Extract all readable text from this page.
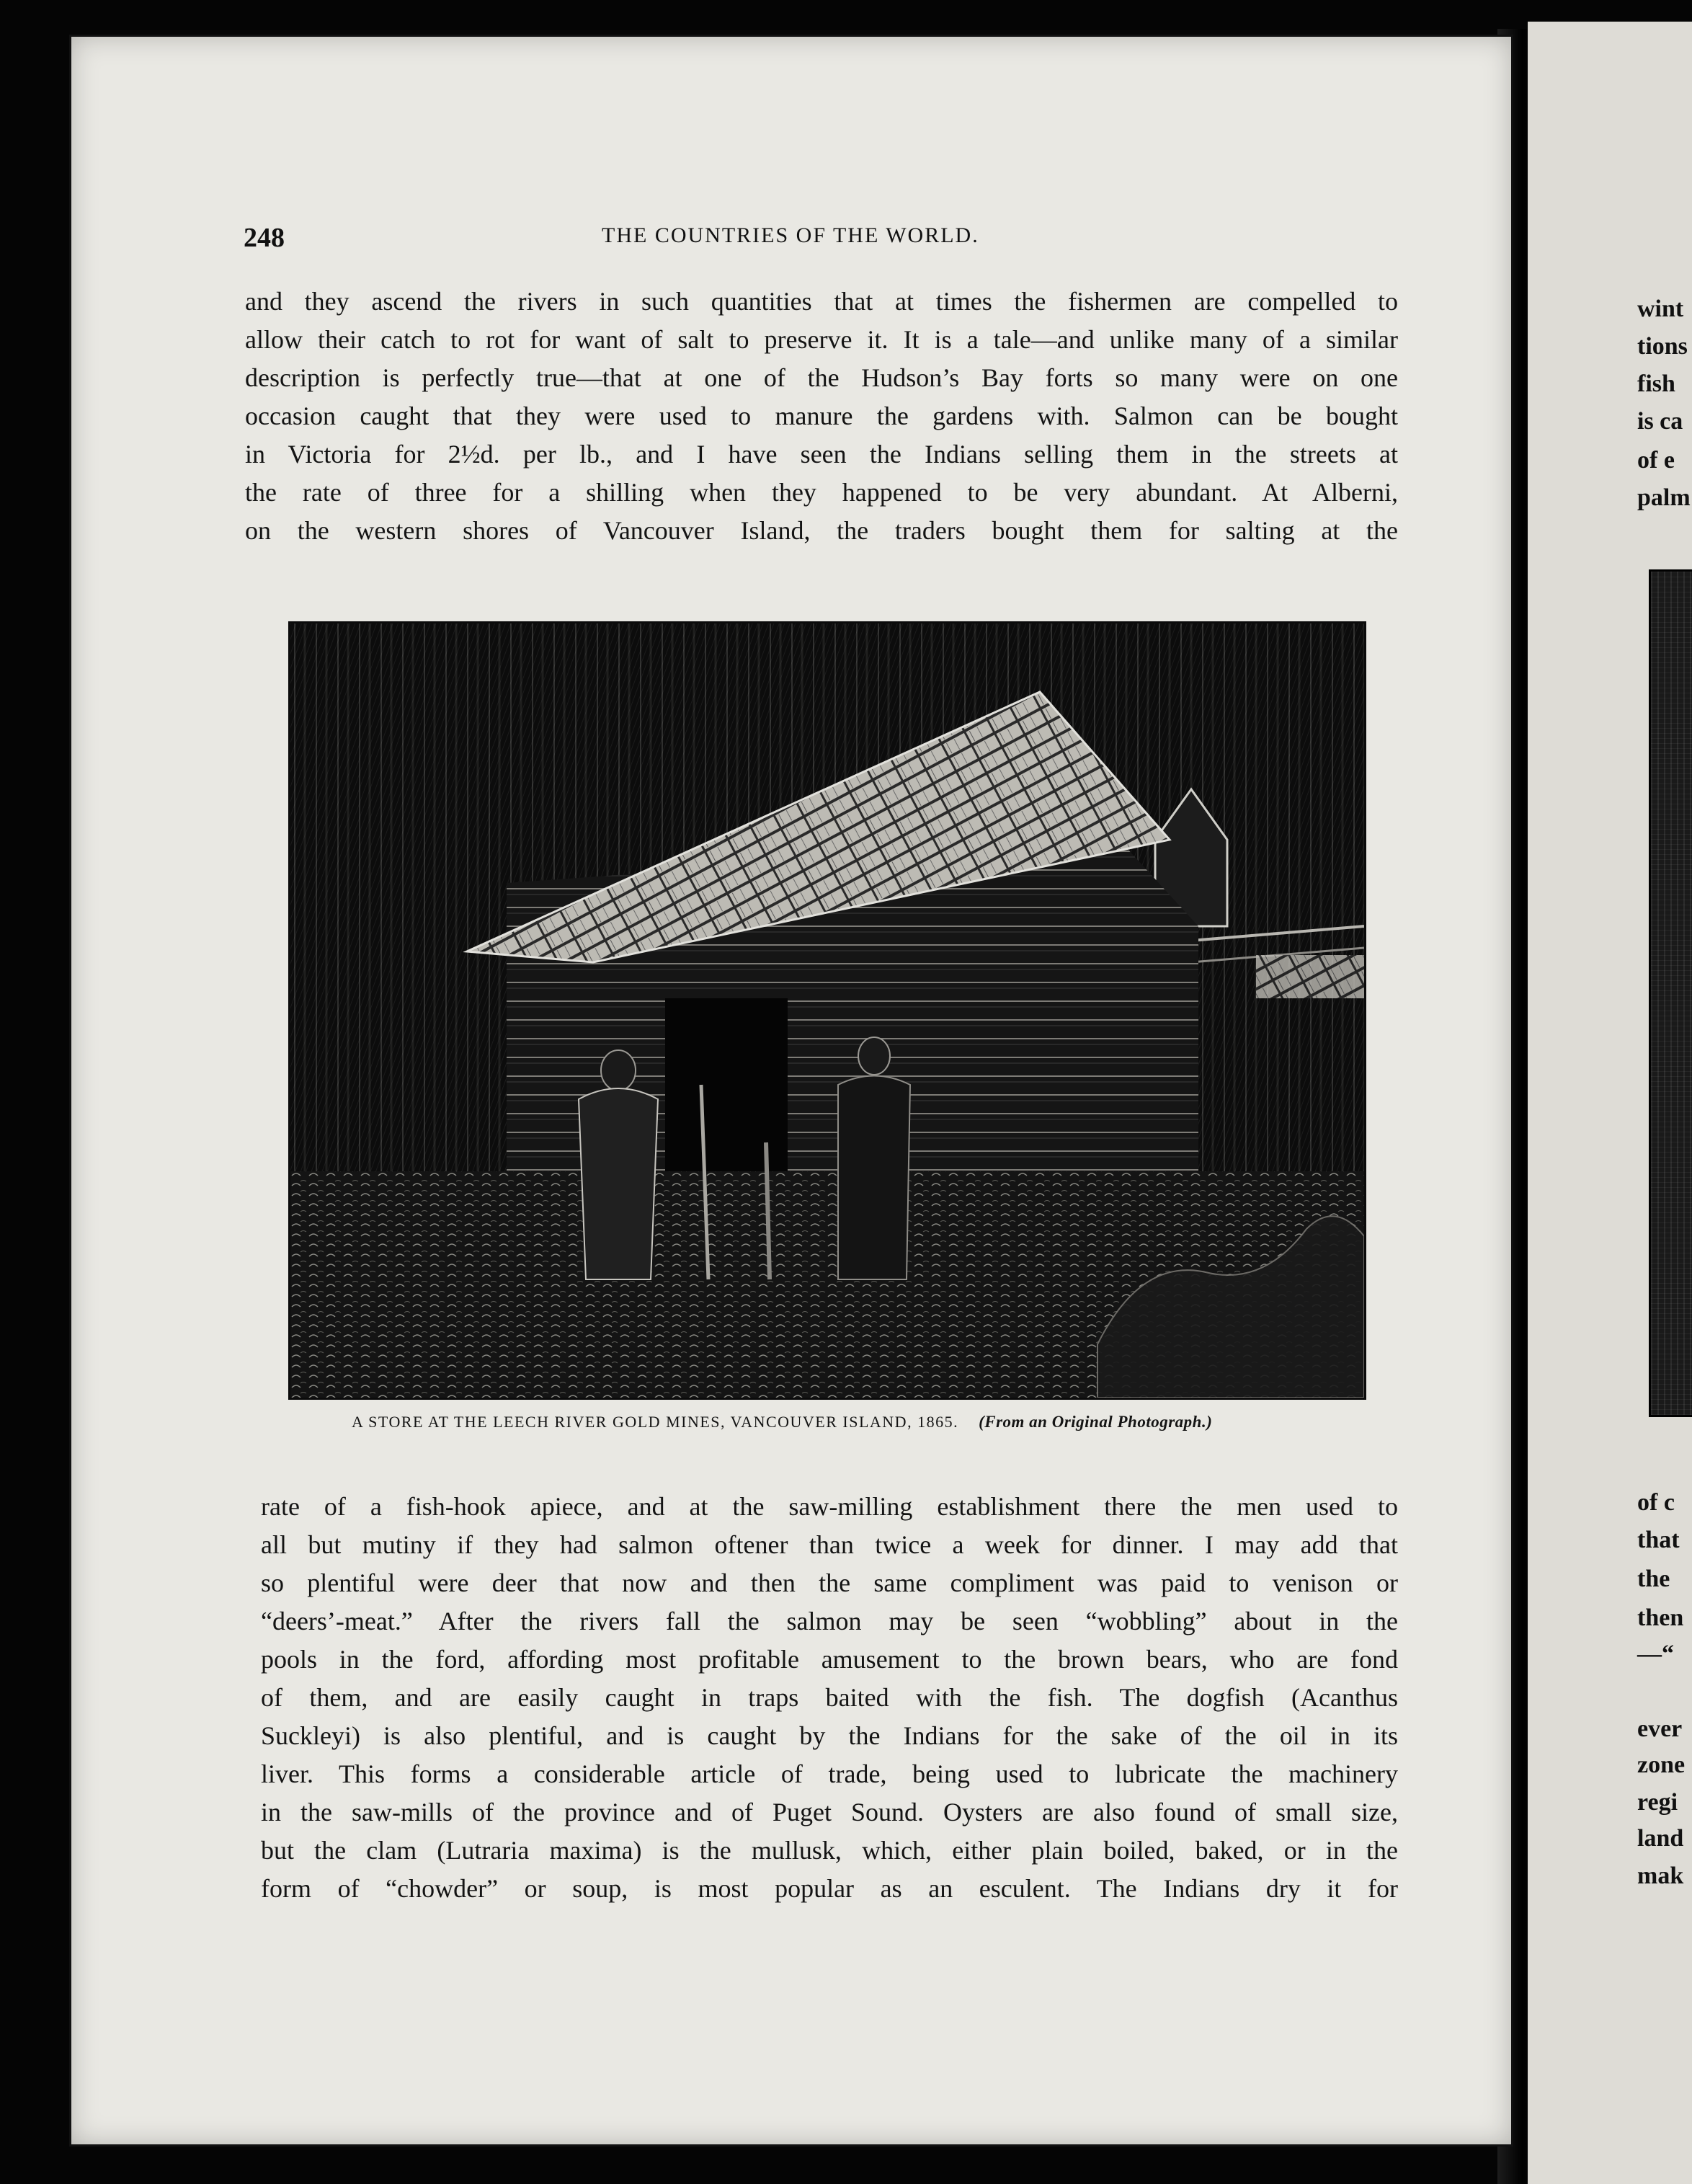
wint
tions
fish
is ca
of e
palm
of c
that
the
then
—“
ever
zone
regi
land
mak
248	THE COUNTRIES OF THE WORLD.
and they ascend the rivers in such quantities that at times the fishermen are compelled to
allow their catch to rot for want of salt to preserve it. It is a tale—and unlike many of a similar
description is perfectly true—that at one of the Hudson’s Bay forts so many were on one
occasion caught that they were used to manure the gardens with. Salmon can be bought
in Victoria for 2½d. per lb., and I have seen the Indians selling them in the streets at
the rate of three for a shilling when they happened to be very abundant. At Alberni,
on the western shores of Vancouver Island, the traders bought them for salting at the
A STORE AT THE LEECH RIVER GOLD MINES, VANCOUVER ISLAND, 1865. (From an Original Photograph.)
rate of a fish-hook apiece, and at the saw-milling establishment there the men used to
all but mutiny if they had salmon oftener than twice a week for dinner. I may add that
so plentiful were deer that now and then the same compliment was paid to venison or
“deers’-meat.” After the rivers fall the salmon may be seen “wobbling” about in the
pools in the ford, affording most profitable amusement to the brown bears, who are fond
of them, and are easily caught in traps baited with the fish. The dogfish (Acanthus
Suckleyi) is also plentiful, and is caught by the Indians for the sake of the oil in its
liver. This forms a considerable article of trade, being used to lubricate the machinery
in the saw-mills of the province and of Puget Sound. Oysters are also found of small size,
but the clam (Lutraria maxima) is the mullusk, which, either plain boiled, baked, or in the
form of “chowder” or soup, is most popular as an esculent. The Indians dry it for
